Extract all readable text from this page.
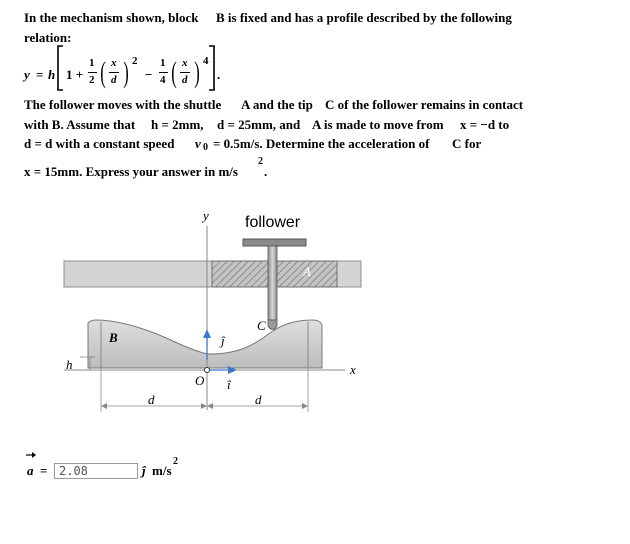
In the mechanism shown, block B is fixed and has a profile described by the following
relation:
y = h 1 +
1
2 ( x
d ) 2
−
1
4 ( x
d ) 4
.
The follower moves with the shuttle A and the tip C of the follower remains in contact
with B. Assume that h = 2mm, d = 25mm, and A is made to move from x = −d to
d = d with a constant speed v 0 = 0.5m/s. Determine the acceleration of C for
x = 15mm. Express your answer in m/s
2
.
y follower
A
B
C
ĵ
î
O
h	x
d	d
a =
2.08	ĵ m/s
2
